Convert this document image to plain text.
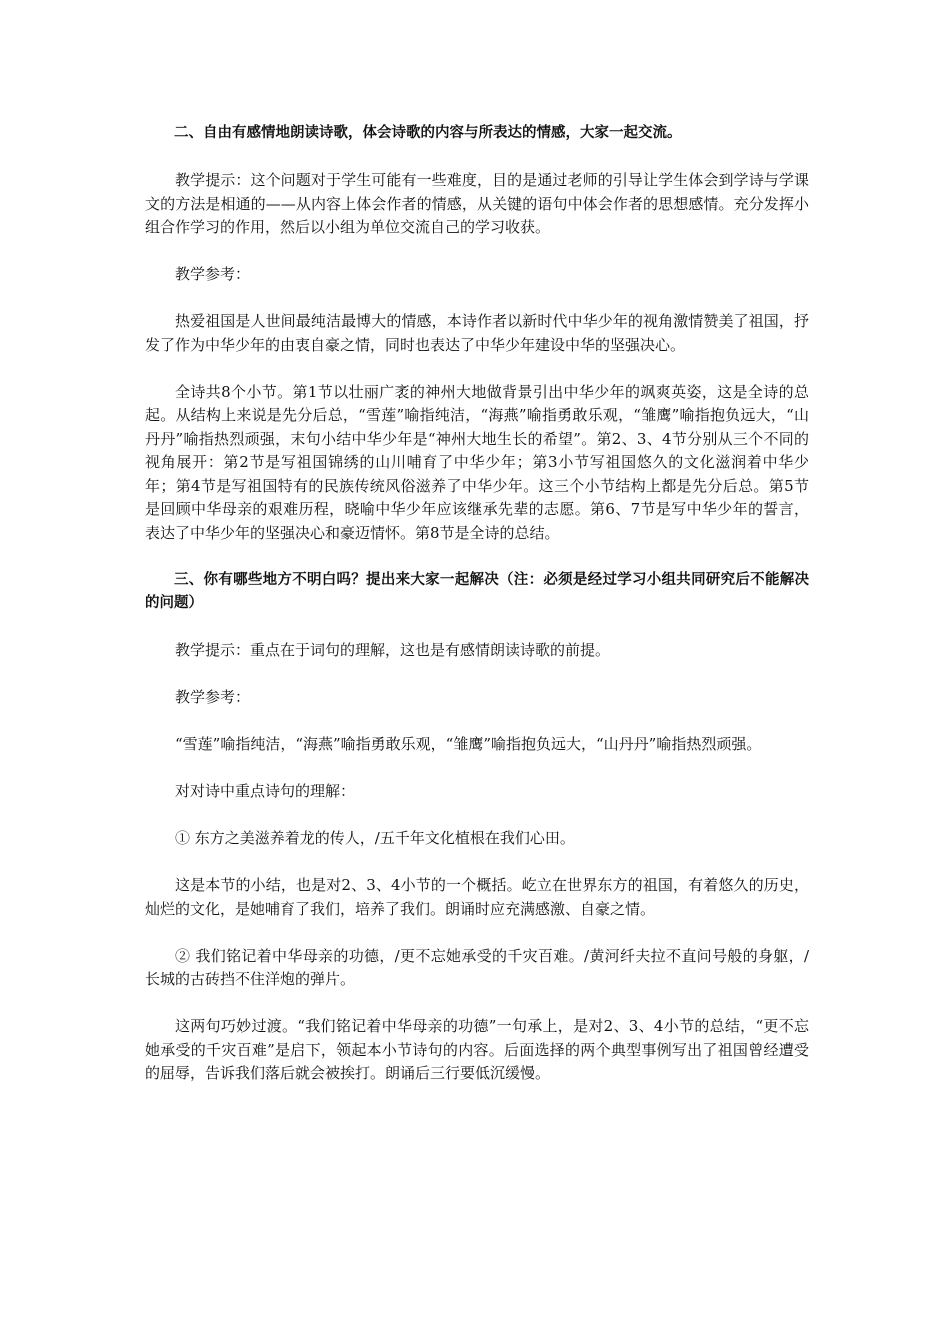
二、自由有感情地朗读诗歌，体会诗歌的内容与所表达的情感，大家一起交流。

教学提示：这个问题对于学生可能有一些难度，目的是通过老师的引导让学生体会到学诗与学课文的方法是相通的——从内容上体会作者的情感，从关键的语句中体会作者的思想感情。充分发挥小组合作学习的作用，然后以小组为单位交流自己的学习收获。

教学参考：

热爱祖国是人世间最纯洁最博大的情感，本诗作者以新时代中华少年的视角激情赞美了祖国，抒发了作为中华少年的由衷自豪之情，同时也表达了中华少年建设中华的坚强决心。

全诗共8个小节。第1节以壮丽广袤的神州大地做背景引出中华少年的飒爽英姿，这是全诗的总起。从结构上来说是先分后总，“雪莲”喻指纯洁，“海燕”喻指勇敢乐观，“雏鹰”喻指抱负远大，“山丹丹”喻指热烈顽强，末句小结中华少年是“神州大地生长的希望”。第2、3、4节分别从三个不同的视角展开：第2节是写祖国锦绣的山川哺育了中华少年；第3小节写祖国悠久的文化滋润着中华少年；第4节是写祖国特有的民族传统风俗滋养了中华少年。这三个小节结构上都是先分后总。第5节是回顾中华母亲的艰难历程，晓喻中华少年应该继承先辈的志愿。第6、7节是写中华少年的誓言，表达了中华少年的坚强决心和豪迈情怀。第8节是全诗的总结。

三、你有哪些地方不明白吗？提出来大家一起解决（注：必须是经过学习小组共同研究后不能解决的问题）

教学提示：重点在于词句的理解，这也是有感情朗读诗歌的前提。

教学参考：

“雪莲”喻指纯洁，“海燕”喻指勇敢乐观，“雏鹰”喻指抱负远大，“山丹丹”喻指热烈顽强。

对对诗中重点诗句的理解：

① 东方之美滋养着龙的传人，/五千年文化植根在我们心田。

这是本节的小结，也是对2、3、4小节的一个概括。屹立在世界东方的祖国，有着悠久的历史，灿烂的文化，是她哺育了我们，培养了我们。朗诵时应充满感激、自豪之情。

② 我们铭记着中华母亲的功德，/更不忘她承受的千灾百难。/黄河纤夫拉不直问号般的身躯，/长城的古砖挡不住洋炮的弹片。

这两句巧妙过渡。“我们铭记着中华母亲的功德”一句承上，是对2、3、4小节的总结，“更不忘她承受的千灾百难”是启下，领起本小节诗句的内容。后面选择的两个典型事例写出了祖国曾经遭受的屈辱，告诉我们落后就会被挨打。朗诵后三行要低沉缓慢。
